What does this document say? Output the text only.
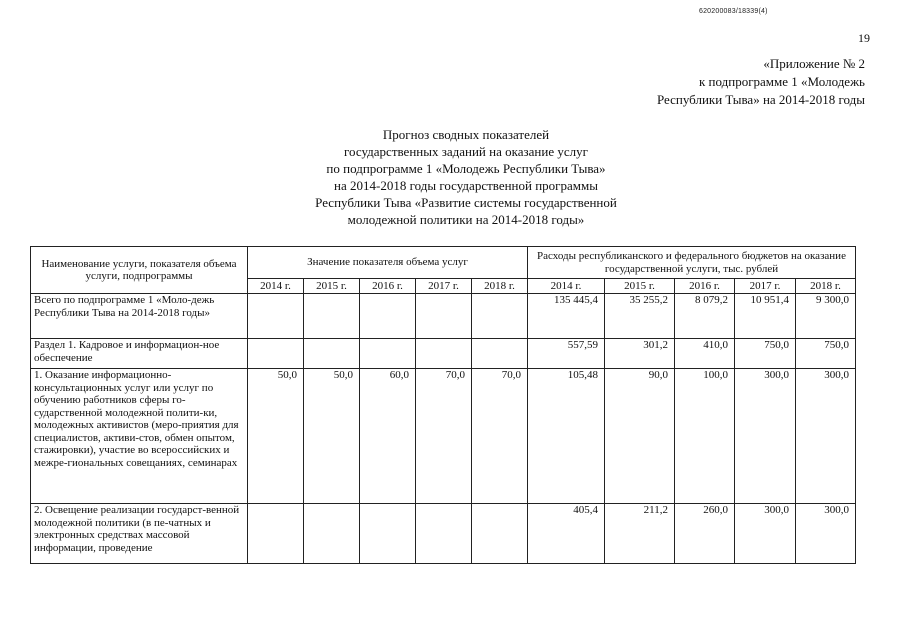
620200083/18339(4)
19
«Приложение № 2
к подпрограмме 1 «Молодежь
Республики Тыва» на 2014-2018 годы
Прогноз сводных показателей
государственных заданий на оказание услуг
по подпрограмме 1 «Молодежь Республики Тыва»
на 2014-2018 годы государственной программы
Республики Тыва «Развитие системы государственной
молодежной политики на 2014-2018 годы»
Наименование услуги, показателя объема услуги, подпрограммы	Значение показателя объема услуг					Расходы республиканского и федерального бюджетов на оказание государственной услуги, тыс. рублей				
	2014 г.	2015 г.	2016 г.	2017 г.	2018 г.	2014 г.	2015 г.	2016 г.	2017 г.	2018 г.
Всего по подпрограмме 1 «Моло-дежь Республики Тыва на 2014-2018 годы»						135 445,4	35 255,2	8 079,2	10 951,4	9 300,0
Раздел 1. Кадровое и информацион-ное обеспечение						557,59	301,2	410,0	750,0	750,0
1. Оказание информационно-консультационных услуг или услуг по обучению работников сферы го-сударственной молодежной полити-ки, молодежных активистов (меро-приятия для специалистов, активи-стов, обмен опытом, стажировки), участие во всероссийских и межре-гиональных совещаниях, семинарах	50,0	50,0	60,0	70,0	70,0	105,48	90,0	100,0	300,0	300,0
2. Освещение реализации государст-венной молодежной политики (в пе-чатных и электронных средствах массовой информации, проведение						405,4	211,2	260,0	300,0	300,0
